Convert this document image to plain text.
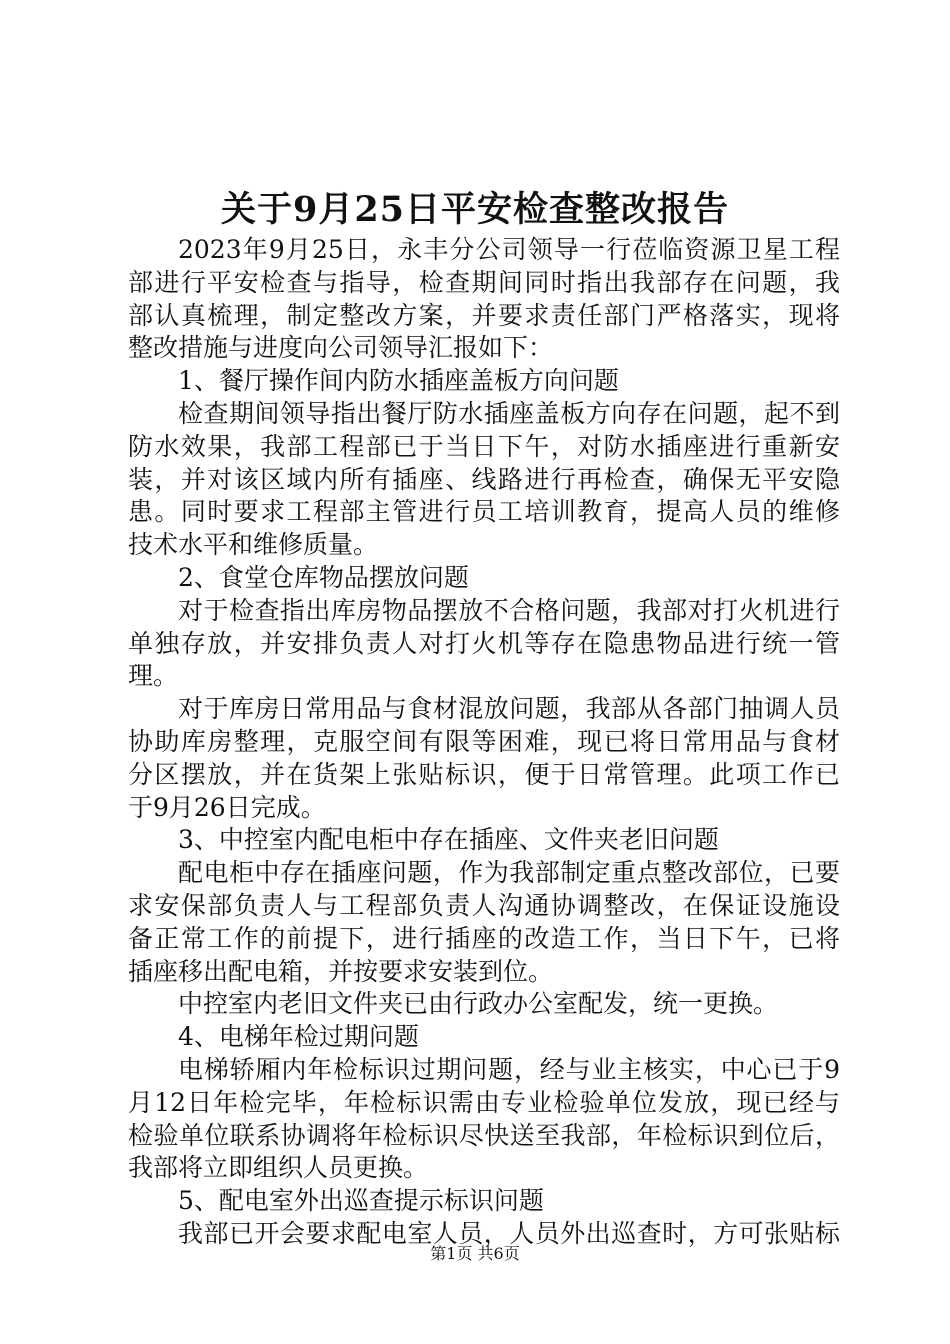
关于9月25日平安检查整改报告
2023年9月25日，永丰分公司领导一行莅临资源卫星工程
部进行平安检查与指导，检查期间同时指出我部存在问题，我
部认真梳理，制定整改方案，并要求责任部门严格落实，现将
整改措施与进度向公司领导汇报如下：
1、餐厅操作间内防水插座盖板方向问题
检查期间领导指出餐厅防水插座盖板方向存在问题，起不到
防水效果，我部工程部已于当日下午，对防水插座进行重新安
装，并对该区域内所有插座、线路进行再检查，确保无平安隐
患。同时要求工程部主管进行员工培训教育，提高人员的维修
技术水平和维修质量。
2、食堂仓库物品摆放问题
对于检查指出库房物品摆放不合格问题，我部对打火机进行
单独存放，并安排负责人对打火机等存在隐患物品进行统一管
理。
对于库房日常用品与食材混放问题，我部从各部门抽调人员
协助库房整理，克服空间有限等困难，现已将日常用品与食材
分区摆放，并在货架上张贴标识，便于日常管理。此项工作已
于9月26日完成。
3、中控室内配电柜中存在插座、文件夹老旧问题
配电柜中存在插座问题，作为我部制定重点整改部位，已要
求安保部负责人与工程部负责人沟通协调整改，在保证设施设
备正常工作的前提下，进行插座的改造工作，当日下午，已将
插座移出配电箱，并按要求安装到位。
中控室内老旧文件夹已由行政办公室配发，统一更换。
4、电梯年检过期问题
电梯轿厢内年检标识过期问题，经与业主核实，中心已于9
月12日年检完毕，年检标识需由专业检验单位发放，现已经与
检验单位联系协调将年检标识尽快送至我部，年检标识到位后，
我部将立即组织人员更换。
5、配电室外出巡查提示标识问题
我部已开会要求配电室人员，人员外出巡查时，方可张贴标
第1页 共6页
